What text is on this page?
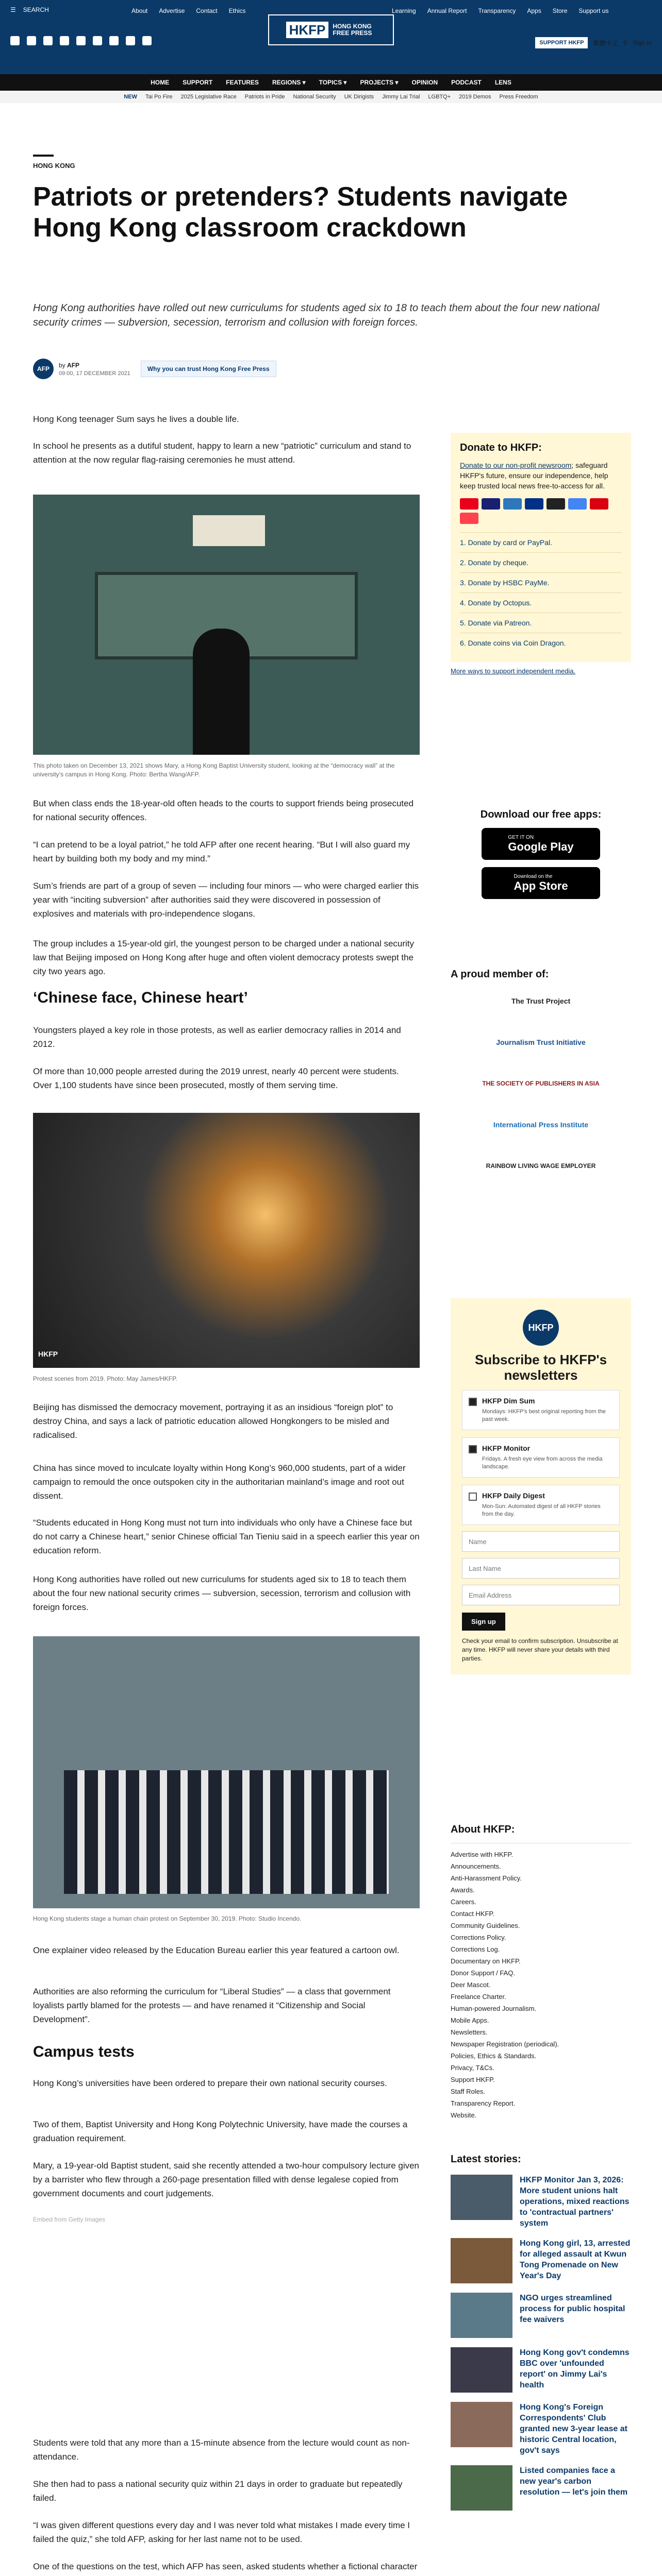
☰ SEARCH	About Advertise Contact Ethics	Learning Annual Report Transparency Apps Store Support us
SUPPORT HKFP	繁體中文 ⚲ Sign in
HKFP	HONG KONG FREE PRESS
HOME SUPPORT FEATURES REGIONS ▾ TOPICS ▾ PROJECTS ▾ OPINION PODCAST LENS
NEW Tai Po Fire 2025 Legislative Race Patriots in Pride National Security UK Dirigists Jimmy Lai Trial LGBTQ+ 2019 Demos Press Freedom
HONG KONG
Patriots or pretenders? Students navigate Hong Kong classroom crackdown

Hong Kong authorities have rolled out new curriculums for students aged six to 18 to teach them about the four new national security crimes — subversion, secession, terrorism and collusion with foreign forces.

AFP
by AFP
09:00, 17 DECEMBER 2021
Why you can trust Hong Kong Free Press

Hong Kong teenager Sum says he lives a double life.

In school he presents as a dutiful student, happy to learn a new “patriotic” curriculum and stand to attention at the now regular flag-raising ceremonies he must attend.

This photo taken on December 13, 2021 shows Mary, a Hong Kong Baptist University student, looking at the “democracy wall” at the university’s campus in Hong Kong. Photo: Bertha Wang/AFP.

But when class ends the 18-year-old often heads to the courts to support friends being prosecuted for national security offences.

“I can pretend to be a loyal patriot,” he told AFP after one recent hearing. “But I will also guard my heart by building both my body and my mind.”

Sum’s friends are part of a group of seven — including four minors — who were charged earlier this year with “inciting subversion” after authorities said they were discovered in possession of explosives and materials with pro-independence slogans.

The group includes a 15-year-old girl, the youngest person to be charged under a national security law that Beijing imposed on Hong Kong after huge and often violent democracy protests swept the city two years ago.

‘Chinese face, Chinese heart’

Youngsters played a key role in those protests, as well as earlier democracy rallies in 2014 and 2012.

Of more than 10,000 people arrested during the 2019 unrest, nearly 40 percent were students. Over 1,100 students have since been prosecuted, mostly of them serving time.

HKFP

Protest scenes from 2019. Photo: May James/HKFP.

Beijing has dismissed the democracy movement, portraying it as an insidious “foreign plot” to destroy China, and says a lack of patriotic education allowed Hongkongers to be misled and radicalised.

China has since moved to inculcate loyalty within Hong Kong’s 960,000 students, part of a wider campaign to remould the once outspoken city in the authoritarian mainland’s image and root out dissent.

“Students educated in Hong Kong must not turn into individuals who only have a Chinese face but do not carry a Chinese heart,” senior Chinese official Tan Tieniu said in a speech earlier this year on education reform.

Hong Kong authorities have rolled out new curriculums for students aged six to 18 to teach them about the four new national security crimes — subversion, secession, terrorism and collusion with foreign forces.

Hong Kong students stage a human chain protest on September 30, 2019. Photo: Studio Incendo.

One explainer video released by the Education Bureau earlier this year featured a cartoon owl.

Authorities are also reforming the curriculum for “Liberal Studies” — a class that government loyalists partly blamed for the protests — and have renamed it “Citizenship and Social Development”.

Campus tests

Hong Kong’s universities have been ordered to prepare their own national security courses.

Two of them, Baptist University and Hong Kong Polytechnic University, have made the courses a graduation requirement.

Mary, a 19-year-old Baptist student, said she recently attended a two-hour compulsory lecture given by a barrister who flew through a 260-page presentation filled with dense legalese copied from government documents and court judgements.

Embed from Getty Images

Students were told that any more than a 15-minute absence from the lecture would count as non-attendance.

She then had to pass a national security quiz within 21 days in order to graduate but repeatedly failed.

“I was given different questions every day and I was never told what mistakes I made every time I failed the quiz,” she told AFP, asking for her last name not to be used.

One of the questions on the test, which AFP has seen, asked students whether a fictional character

Donate to HKFP:

Donate to our non-profit newsroom; safeguard HKFP's future, ensure our independence, help keep trusted local news free-to-access for all.

1. Donate by card or PayPal.
2. Donate by cheque.
3. Donate by HSBC PayMe.
4. Donate by Octopus.
5. Donate via Patreon.
6. Donate coins via Coin Dragon.
More ways to support independent media.
Download our free apps:
GET IT ON
Google Play
Download on the
App Store
A proud member of:
The Trust Project
Journalism Trust Initiative
THE SOCIETY OF PUBLISHERS IN ASIA
International Press Institute
RAINBOW LIVING WAGE EMPLOYER
HKFP
Subscribe to HKFP's newsletters
HKFP Dim Sum
Mondays: HKFP's best original reporting from the past week.
HKFP Monitor
Fridays. A fresh eye view from across the media landscape.
HKFP Daily Digest
Mon-Sun: Automated digest of all HKFP stories from the day.
Name
Last Name
Email Address
Sign up

Check your email to confirm subscription. Unsubscribe at any time. HKFP will never share your details with third parties.

About HKFP:
Advertise with HKFP.
Announcements.
Anti-Harassment Policy.
Awards.
Careers.
Contact HKFP.
Community Guidelines.
Corrections Policy.
Corrections Log.
Documentary on HKFP.
Donor Support / FAQ.
Deer Mascot.
Freelance Charter.
Human-powered Journalism.
Mobile Apps.
Newsletters.
Newspaper Registration (periodical).
Policies, Ethics & Standards.
Privacy, T&Cs.
Support HKFP.
Staff Roles.
Transparency Report.
Website.
Latest stories:
HKFP Monitor Jan 3, 2026: More student unions halt operations, mixed reactions to 'contractual partners' system
Hong Kong girl, 13, arrested for alleged assault at Kwun Tong Promenade on New Year's Day
NGO urges streamlined process for public hospital fee waivers
Hong Kong gov't condemns BBC over 'unfounded report' on Jimmy Lai's health
Hong Kong's Foreign Correspondents' Club granted new 3-year lease at historic Central location, gov't says
Listed companies face a new year's carbon resolution — let's join them
